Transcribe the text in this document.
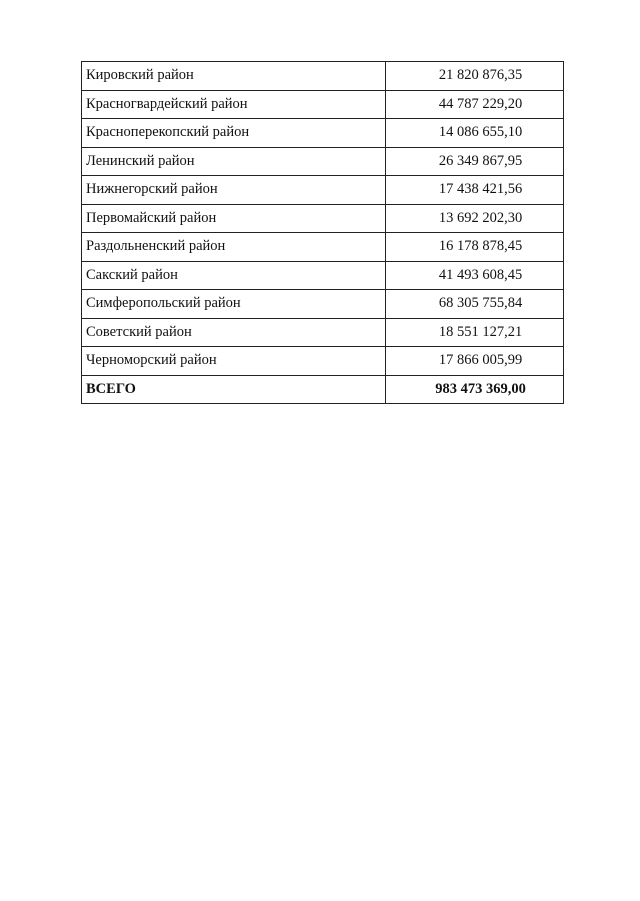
Кировский район	21 820 876,35
Красногвардейский район	44 787 229,20
Красноперекопский район	14 086 655,10
Ленинский район	26 349 867,95
Нижнегорский район	17 438 421,56
Первомайский район	13 692 202,30
Раздольненский район	16 178 878,45
Сакский район	41 493 608,45
Симферопольский район	68 305 755,84
Советский район	18 551 127,21
Черноморский район	17 866 005,99
ВСЕГО	983 473 369,00
